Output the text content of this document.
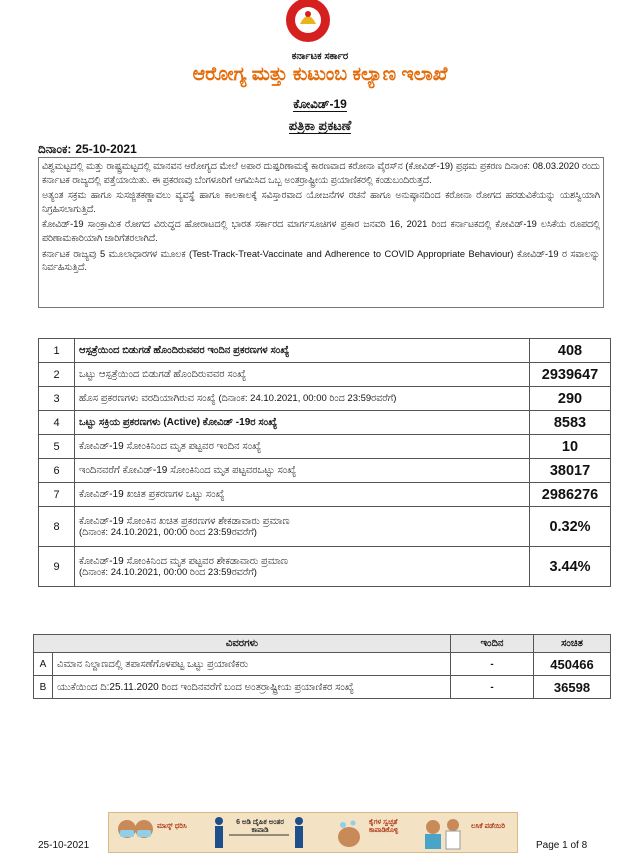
ಕರ್ನಾಟಕ ಸರ್ಕಾರ
ಆರೋಗ್ಯ ಮತ್ತು ಕುಟುಂಬ ಕಲ್ಯಾಣ ಇಲಾಖೆ
ಕೋವಿಡ್-19
ಪತ್ರಿಕಾ ಪ್ರಕಟಣೆ
ದಿನಾಂಕ: 25-10-2021

ವಿಶ್ವಮಟ್ಟದಲ್ಲಿ ಮತ್ತು ರಾಷ್ಟ್ರಮಟ್ಟದಲ್ಲಿ ಮಾನವನ ಆರೋಗ್ಯದ ಮೇಲೆ ಅಪಾರ ದುಷ್ಪರಿಣಾಮಕ್ಕೆ ಕಾರಣವಾದ ಕರೋನಾ ವೈರಸ್‌ನ (ಕೋವಿಡ್-19) ಪ್ರಥಮ ಪ್ರಕರಣ ದಿನಾಂಕ: 08.03.2020 ರಂದು ಕರ್ನಾಟಕ ರಾಜ್ಯದಲ್ಲಿ ಪತ್ತೆಯಾಯಿತು. ಈ ಪ್ರಕರಣವು ಬೆಂಗಳೂರಿಗೆ ಆಗಮಿಸಿದ ಒಬ್ಬ ಅಂತರ್ರಾಷ್ಟ್ರೀಯ ಪ್ರಯಾಣಿಕರಲ್ಲಿ ಕಂಡುಬಂದಿರುತ್ತದೆ.

ಅತ್ಯಂತ ಸಕ್ರಮ ಹಾಗೂ ಸುಸಜ್ಜಿತಕಣ್ಣಾವಲು ವ್ಯವಸ್ಥೆ ಹಾಗೂ ಕಾಲಕಾಲಕ್ಕೆ ಸವಿಸ್ತಾರವಾದ ಯೋಜನೆಗಳ ರಚನೆ ಹಾಗೂ ಅನುಷ್ಠಾನದಿಂದ ಕರೋನಾ ರೋಗದ ಹರಡುವಿಕೆಯನ್ನು ಯಶಸ್ವಿಯಾಗಿ ನಿಗ್ರಹಿಸಲಾಗುತ್ತಿದೆ.

ಕೋವಿಡ್-19 ಸಾಂಕ್ರಾಮಿಕ ರೋಗದ ವಿರುದ್ಧದ ಹೋರಾಟದಲ್ಲಿ ಭಾರತ ಸರ್ಕಾರದ ಮಾರ್ಗಸೂಚಿಗಳ ಪ್ರಕಾರ ಜನವರಿ 16, 2021 ರಿಂದ ಕರ್ನಾಟಕದಲ್ಲಿ ಕೋವಿಡ್-19 ಲಸಿಕೆಯ ರೂಪದಲ್ಲಿ ಪರಿಣಾಮಕಾರಿಯಾಗಿ ಜಾರಿಗೆತರಲಾಗಿದೆ.

ಕರ್ನಾಟಕ ರಾಜ್ಯವು 5 ಮೂಲಾಧಾರಗಳ ಮೂಲಕ (Test-Track-Treat-Vaccinate and Adherence to COVID Appropriate Behaviour) ಕೋವಿಡ್-19 ರ ಸವಾಲನ್ನು ನಿರ್ವಹಿಸುತ್ತಿದೆ.

1	ಆಸ್ಪತ್ರೆಯಿಂದ ಬಿಡುಗಡೆ ಹೊಂದಿರುವವರ ಇಂದಿನ ಪ್ರಕರಣಗಳ ಸಂಖ್ಯೆ	408
2	ಒಟ್ಟು ಆಸ್ಪತ್ರೆಯಿಂದ ಬಿಡುಗಡೆ ಹೊಂದಿರುವವರ ಸಂಖ್ಯೆ	2939647
3	ಹೊಸ ಪ್ರಕರಣಗಳು ವರದಿಯಾಗಿರುವ ಸಂಖ್ಯೆ (ದಿನಾಂಕ: 24.10.2021, 00:00 ರಿಂದ 23:59ರವರೆಗೆ)	290
4	ಒಟ್ಟು ಸಕ್ರಿಯ ಪ್ರಕರಣಗಳು (Active) ಕೋವಿಡ್ -19ರ ಸಂಖ್ಯೆ	8583
5	ಕೋವಿಡ್-19 ಸೋಂಕಿನಿಂದ ಮೃತ ಪಟ್ಟವರ ಇಂದಿನ ಸಂಖ್ಯೆ	10
6	ಇಂದಿನವರೆಗೆ ಕೋವಿಡ್-19 ಸೋಂಕಿನಿಂದ ಮೃತ ಪಟ್ಟವರಒಟ್ಟು ಸಂಖ್ಯೆ	38017
7	ಕೋವಿಡ್-19 ಖಚಿತ ಪ್ರಕರಣಗಳ ಒಟ್ಟು ಸಂಖ್ಯೆ	2986276
8	ಕೋವಿಡ್-19 ಸೋಂಕಿನ ಖಚಿತ ಪ್ರಕರಣಗಳ ಶೇಕಡಾವಾರು ಪ್ರಮಾಣ
(ದಿನಾಂಕ: 24.10.2021, 00:00 ರಿಂದ 23:59ರವರೆಗೆ)	0.32%
9	ಕೋವಿಡ್-19 ಸೋಂಕಿನಿಂದ ಮೃತ ಪಟ್ಟವರ ಶೇಕಡಾವಾರು ಪ್ರಮಾಣ
(ದಿನಾಂಕ: 24.10.2021, 00:00 ರಿಂದ 23:59ರವರೆಗೆ)	3.44%
ವಿವರಗಳು		ಇಂದಿನ	ಸಂಚಿತ
A	ವಿಮಾನ ನಿಲ್ದಾಣದಲ್ಲಿ ತಪಾಸಣೆಗೊಳಪಟ್ಟ ಒಟ್ಟು ಪ್ರಯಾಣಿಕರು	-	450466
B	ಯುಕೆಯಿಂದ ದಿ:25.11.2020 ರಿಂದ ಇಂದಿನವರೆಗೆ ಬಂದ ಅಂತರ್ರಾಷ್ಟ್ರೀಯ ಪ್ರಯಾಣಿಕರ ಸಂಖ್ಯೆ	-	36598
ಮಾಸ್ಕ್ ಧರಿಸಿ
6 ಅಡಿ ದೈಹಿಕ ಅಂತರ ಕಾಪಾಡಿ
ಕೈಗಳ ಸ್ವಚ್ಛತೆ ಕಾಪಾಡಿಕೊಳ್ಳಿ
ಲಸಿಕೆ ಪಡೆಯಿರಿ
25-10-2021	Page 1 of 8
